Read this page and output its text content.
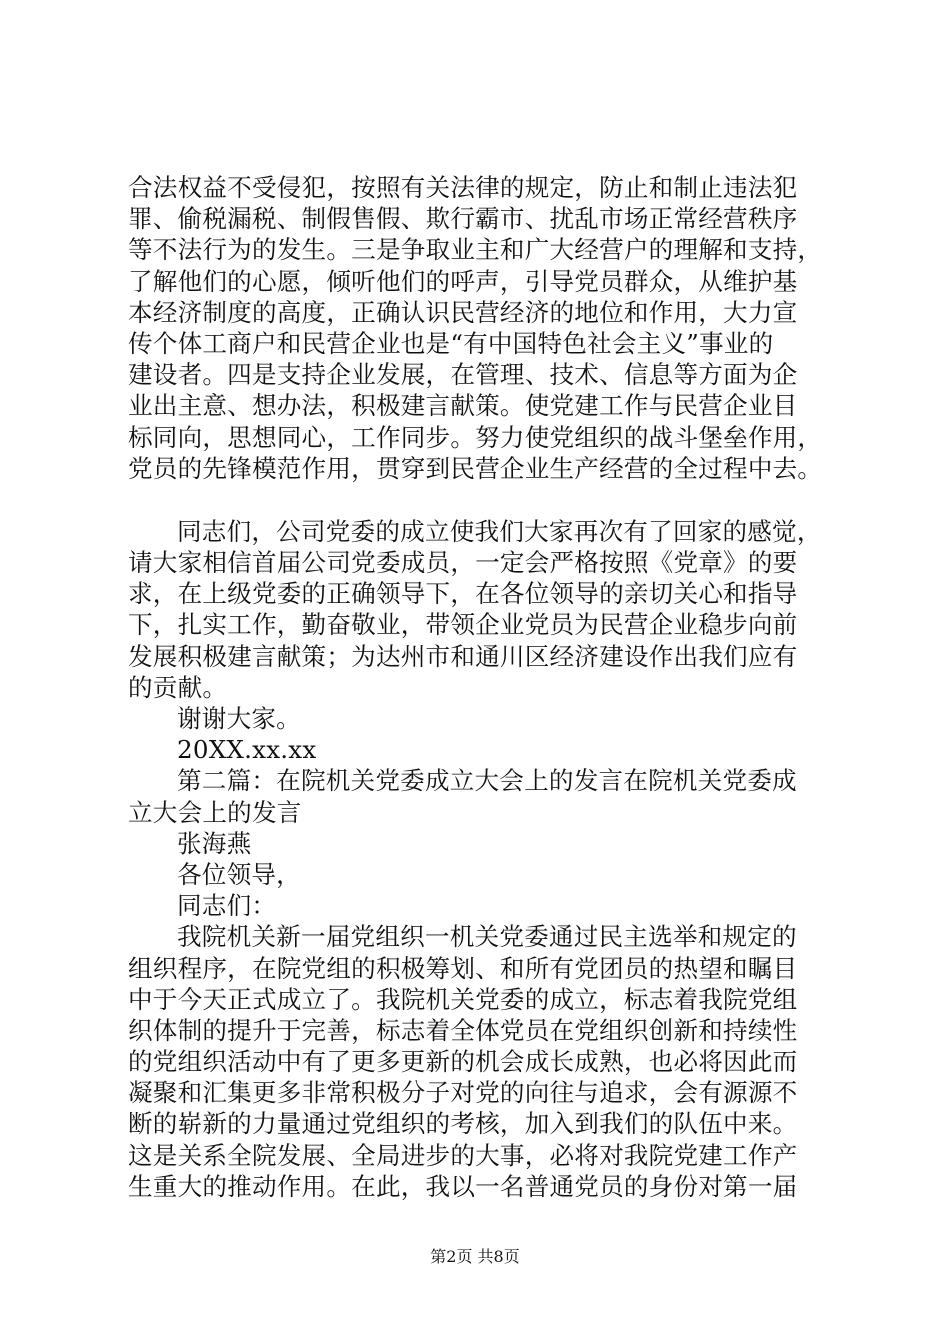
合法权益不受侵犯，按照有关法律的规定，防止和制止违法犯
罪、偷税漏税、制假售假、欺行霸市、扰乱市场正常经营秩序
等不法行为的发生。三是争取业主和广大经营户的理解和支持，
了解他们的心愿，倾听他们的呼声，引导党员群众，从维护基
本经济制度的高度，正确认识民营经济的地位和作用，大力宣
传个体工商户和民营企业也是“有中国特色社会主义”事业的
建设者。四是支持企业发展，在管理、技术、信息等方面为企
业出主意、想办法，积极建言献策。使党建工作与民营企业目
标同向，思想同心，工作同步。努力使党组织的战斗堡垒作用，
党员的先锋模范作用，贯穿到民营企业生产经营的全过程中去。
同志们，公司党委的成立使我们大家再次有了回家的感觉，
请大家相信首届公司党委成员，一定会严格按照《党章》的要
求，在上级党委的正确领导下，在各位领导的亲切关心和指导
下，扎实工作，勤奋敬业，带领企业党员为民营企业稳步向前
发展积极建言献策；为达州市和通川区经济建设作出我们应有
的贡献。
谢谢大家。
20XX.xx.xx
第二篇：在院机关党委成立大会上的发言在院机关党委成
立大会上的发言
张海燕
各位领导，
同志们：
我院机关新一届党组织一机关党委通过民主选举和规定的
组织程序，在院党组的积极筹划、和所有党团员的热望和瞩目
中于今天正式成立了。我院机关党委的成立，标志着我院党组
织体制的提升于完善，标志着全体党员在党组织创新和持续性
的党组织活动中有了更多更新的机会成长成熟，也必将因此而
凝聚和汇集更多非常积极分子对党的向往与追求，会有源源不
断的崭新的力量通过党组织的考核，加入到我们的队伍中来。
这是关系全院发展、全局进步的大事，必将对我院党建工作产
生重大的推动作用。在此，我以一名普通党员的身份对第一届
第2页 共8页
